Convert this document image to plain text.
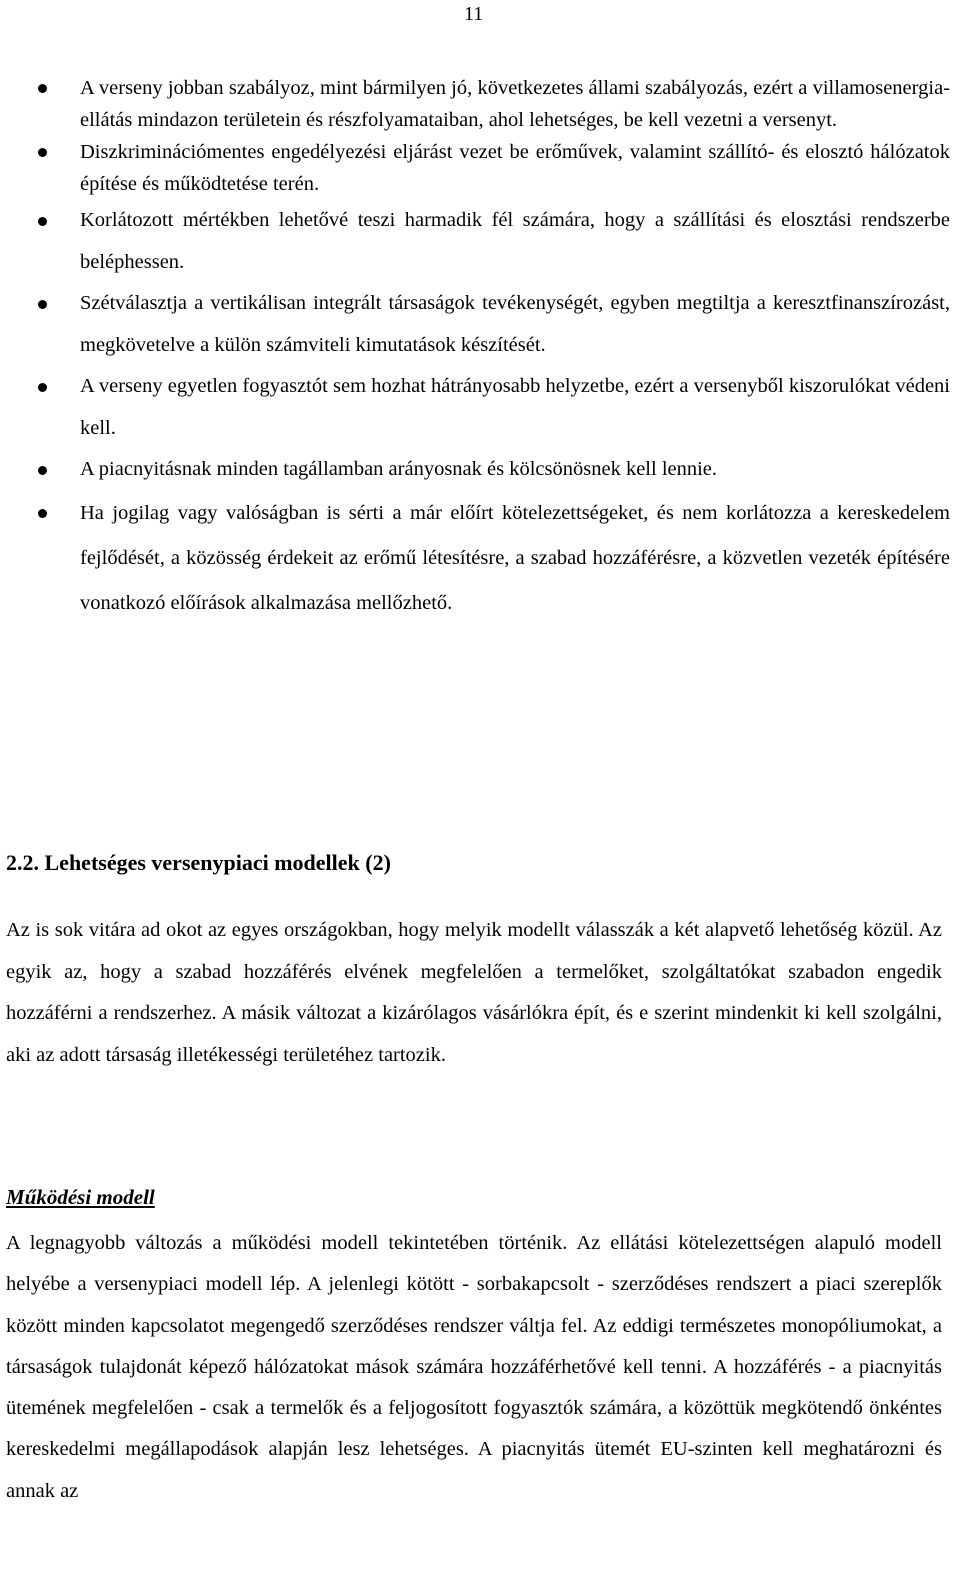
11
A verseny jobban szabályoz, mint bármilyen jó, következetes állami szabályozás, ezért a villamosenergia-ellátás mindazon területein és részfolyamataiban, ahol lehetséges, be kell vezetni a versenyt.
Diszkriminációmentes engedélyezési eljárást vezet be erőművek, valamint szállító- és elosztó hálózatok építése és működtetése terén.
Korlátozott mértékben lehetővé teszi harmadik fél számára, hogy a szállítási és elosztási rendszerbe beléphessen.
Szétválasztja a vertikálisan integrált társaságok tevékenységét, egyben megtiltja a keresztfinanszírozást, megkövetelve a külön számviteli kimutatások készítését.
A verseny egyetlen fogyasztót sem hozhat hátrányosabb helyzetbe, ezért a versenyből kiszorulókat védeni kell.
A piacnyitásnak minden tagállamban arányosnak és kölcsönösnek kell lennie.
Ha jogilag vagy valóságban is sérti a már előírt kötelezettségeket, és nem korlátozza a kereskedelem fejlődését, a közösség érdekeit az erőmű létesítésre, a szabad hozzáférésre, a közvetlen vezeték építésére vonatkozó előírások alkalmazása mellőzhető.
2.2. Lehetséges versenypiaci modellek (2)

Az is sok vitára ad okot az egyes országokban, hogy melyik modellt válasszák a két alapvető lehetőség közül. Az egyik az, hogy a szabad hozzáférés elvének megfelelően a termelőket, szolgáltatókat szabadon engedik hozzáférni a rendszerhez. A másik változat a kizárólagos vásárlókra épít, és e szerint mindenkit ki kell szolgálni, aki az adott társaság illetékességi területéhez tartozik.

Működési modell

A legnagyobb változás a működési modell tekintetében történik. Az ellátási kötelezettségen alapuló modell helyébe a versenypiaci modell lép. A jelenlegi kötött - sorbakapcsolt - szerződéses rendszert a piaci szereplők között minden kapcsolatot megengedő szerződéses rendszer váltja fel. Az eddigi természetes monopóliumokat, a társaságok tulajdonát képező hálózatokat mások számára hozzáférhetővé kell tenni. A hozzáférés - a piacnyitás ütemének megfelelően - csak a termelők és a feljogosított fogyasztók számára, a közöttük megkötendő önkéntes kereskedelmi megállapodások alapján lesz lehetséges. A piacnyitás ütemét EU-szinten kell meghatározni és annak az
